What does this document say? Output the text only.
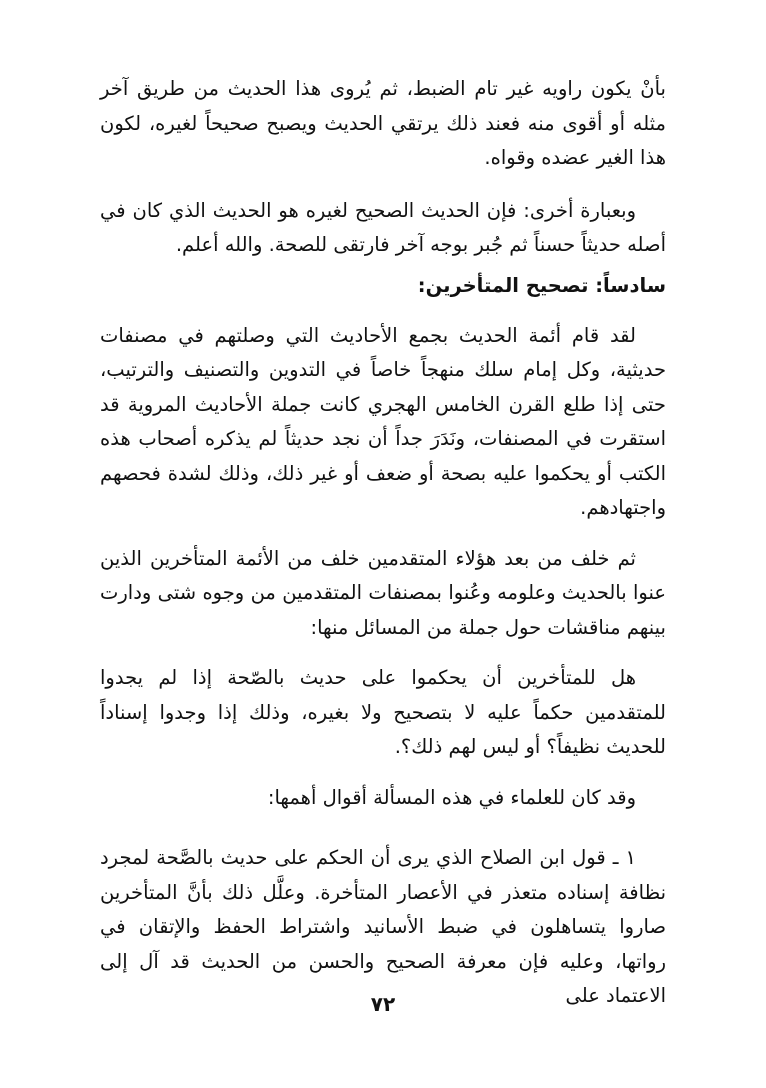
بأنْ يكون راويه غير تام الضبط، ثم يُروى هذا الحديث من طريق آخر مثله أو أقوى منه فعند ذلك يرتقي الحديث ويصبح صحيحاً لغيره، لكون هذا الغير عضده وقواه.

وبعبارة أخرى: فإن الحديث الصحيح لغيره هو الحديث الذي كان في أصله حديثاً حسناً ثم جُبر بوجه آخر فارتقى للصحة. والله أعلم.

سادساً: تصحيح المتأخرين:

لقد قام أئمة الحديث بجمع الأحاديث التي وصلتهم في مصنفات حديثية، وكل إمام سلك منهجاً خاصاً في التدوين والتصنيف والترتيب، حتى إذا طلع القرن الخامس الهجري كانت جملة الأحاديث المروية قد استقرت في المصنفات، ونَدَرَ جداً أن نجد حديثاً لم يذكره أصحاب هذه الكتب أو يحكموا عليه بصحة أو ضعف أو غير ذلك، وذلك لشدة فحصهم واجتهادهم.

ثم خلف من بعد هؤلاء المتقدمين خلف من الأئمة المتأخرين الذين عنوا بالحديث وعلومه وعُنوا بمصنفات المتقدمين من وجوه شتى ودارت بينهم مناقشات حول جملة من المسائل منها:

هل للمتأخرين أن يحكموا على حديث بالصّحة إذا لم يجدوا للمتقدمين حكماً عليه لا بتصحيح ولا بغيره، وذلك إذا وجدوا إسناداً للحديث نظيفاً؟ أو ليس لهم ذلك؟.

وقد كان للعلماء في هذه المسألة أقوال أهمها:

١ ـ قول ابن الصلاح الذي يرى أن الحكم على حديث بالصَّحة لمجرد نظافة إسناده متعذر في الأعصار المتأخرة. وعلَّل ذلك بأنَّ المتأخرين صاروا يتساهلون في ضبط الأسانيد واشتراط الحفظ والإتقان في رواتها، وعليه فإن معرفة الصحيح والحسن من الحديث قد آل إلى الاعتماد على

٧٢
